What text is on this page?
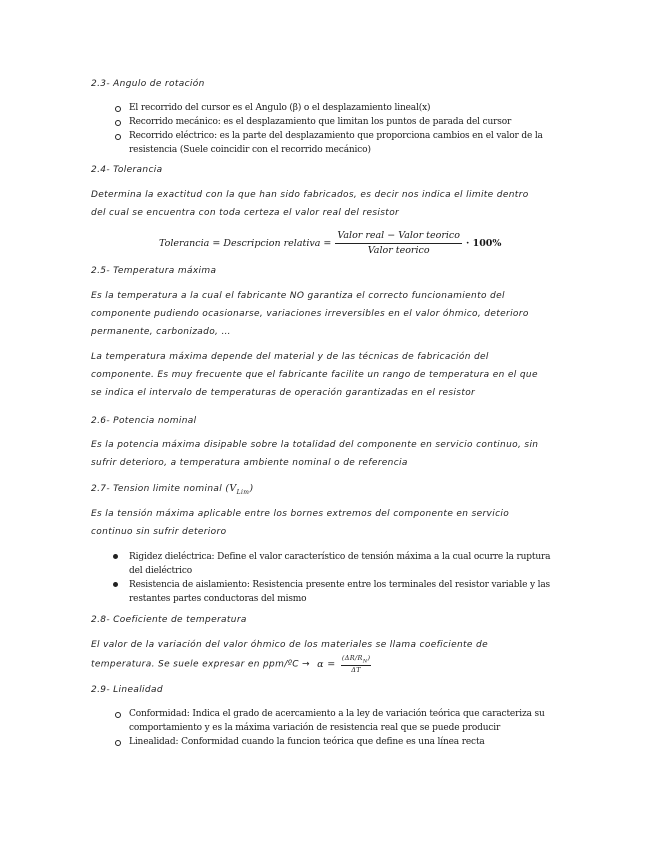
2.3- Angulo de rotación
El recorrido del cursor es el Angulo (β) o el desplazamiento lineal(x)
Recorrido mecánico: es el desplazamiento que limitan los puntos de parada del cursor
Recorrido eléctrico: es la parte del desplazamiento que proporciona cambios en el valor de la
resistencia (Suele coincidir con el recorrido mecánico)
2.4- Tolerancia
Determina la exactitud con la que han sido fabricados, es decir nos indica el limite dentro
del cual se encuentra con toda certeza el valor real del resistor
Tolerancia = Descripcion relativa = $\frac{\text{Valor real − Valor teorico}}{\text{Valor teorico}} \cdot 100\%$
2.5- Temperatura máxima
Es la temperatura a la cual el fabricante NO garantiza el correcto funcionamiento del
componente pudiendo ocasionarse, variaciones irreversibles en el valor óhmico, deterioro
permanente, carbonizado, …
La temperatura máxima depende del material y de las técnicas de fabricación del
componente. Es muy frecuente que el fabricante facilite un rango de temperatura en el que
se indica el intervalo de temperaturas de operación garantizadas en el resistor
2.6- Potencia nominal
Es la potencia máxima disipable sobre la totalidad del componente en servicio continuo, sin
sufrir deterioro, a temperatura ambiente nominal o de referencia
2.7- Tension limite nominal $(V_{Lim})$
Es la tensión máxima aplicable entre los bornes extremos del componente en servicio
continuo sin sufrir deterioro
Rigidez dieléctrica: Define el valor característico de tensión máxima a la cual ocurre la ruptura
del dieléctrico
Resistencia de aislamiento: Resistencia presente entre los terminales del resistor variable y las
restantes partes conductoras del mismo
2.8- Coeficiente de temperatura
El valor de la variación del valor óhmico de los materiales se llama coeficiente de
temperatura. Se suele expresar en ppm/ºC → $\alpha = \frac{(\Delta R/R_N)}{\Delta T}$
2.9- Linealidad
Conformidad: Indica el grado de acercamiento a la ley de variación teórica que caracteriza su
comportamiento y es la máxima variación de resistencia real que se puede producir
Linealidad: Conformidad cuando la funcion teórica que define es una línea recta
